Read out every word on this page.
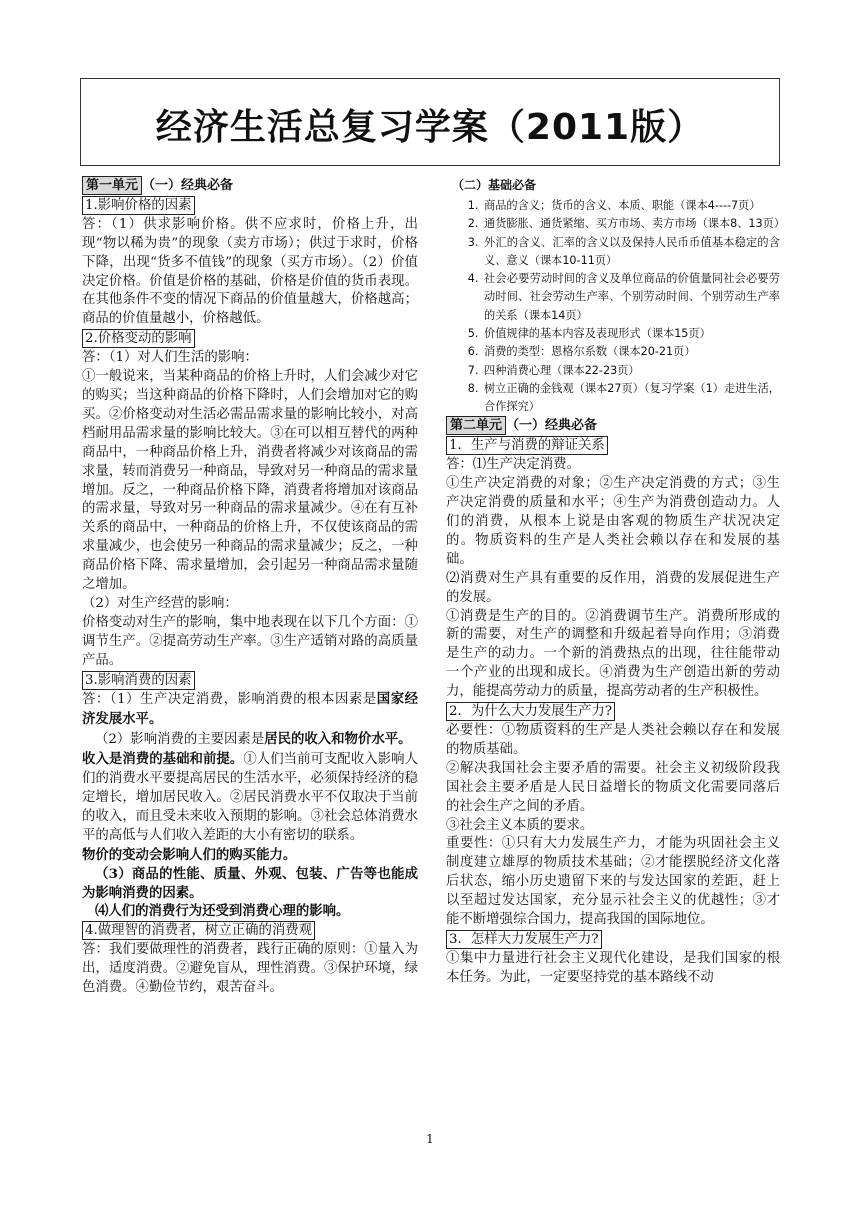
经济生活总复习学案（2011版）

第一单元 （一）经典必备

1.影响价格的因素

答：（1）供求影响价格。供不应求时，价格上升，出现“物以稀为贵”的现象（卖方市场）；供过于求时，价格下降，出现“货多不值钱”的现象（买方市场）。（2）价值决定价格。价值是价格的基础，价格是价值的货币表现。在其他条件不变的情况下商品的价值量越大，价格越高；商品的价值量越小，价格越低。

2.价格变动的影响

答：（1）对人们生活的影响：

①一般说来，当某种商品的价格上升时，人们会减少对它的购买；当这种商品的价格下降时，人们会增加对它的购买。②价格变动对生活必需品需求量的影响比较小，对高档耐用品需求量的影响比较大。③在可以相互替代的两种商品中，一种商品价格上升，消费者将减少对该商品的需求量，转而消费另一种商品，导致对另一种商品的需求量增加。反之，一种商品价格下降，消费者将增加对该商品的需求量，导致对另一种商品的需求量减少。④在有互补关系的商品中，一种商品的价格上升，不仅使该商品的需求量减少，也会使另一种商品的需求量减少；反之，一种商品价格下降、需求量增加，会引起另一种商品需求量随之增加。

（2）对生产经营的影响：

价格变动对生产的影响，集中地表现在以下几个方面：①调节生产。②提高劳动生产率。③生产适销对路的高质量产品。

3.影响消费的因素

答：（1）生产决定消费，影响消费的根本因素是国家经济发展水平。

（2）影响消费的主要因素是居民的收入和物价水平。

收入是消费的基础和前提。①人们当前可支配收入影响人们的消费水平要提高居民的生活水平，必须保持经济的稳定增长，增加居民收入。②居民消费水平不仅取决于当前的收入，而且受未来收入预期的影响。③社会总体消费水平的高低与人们收入差距的大小有密切的联系。

物价的变动会影响人们的购买能力。

（3）商品的性能、质量、外观、包装、广告等也能成为影响消费的因素。

⑷人们的消费行为还受到消费心理的影响。

4.做理智的消费者，树立正确的消费观

答：我们要做理性的消费者，践行正确的原则：①量入为出，适度消费。②避免盲从，理性消费。③保护环境，绿色消费。④勤俭节约，艰苦奋斗。

（二）基础必备

1. 商品的含义；货币的含义、本质、职能（课本4----7页）
2. 通货膨胀、通货紧缩、买方市场、卖方市场（课本8、13页）
3. 外汇的含义、汇率的含义以及保持人民币币值基本稳定的含义、意义（课本10-11页）
4. 社会必要劳动时间的含义及单位商品的价值量同社会必要劳动时间、社会劳动生产率、个别劳动时间、个别劳动生产率的关系（课本14页）
5. 价值规律的基本内容及表现形式（课本15页）
6. 消费的类型：恩格尔系数（课本20-21页）
7. 四种消费心理（课本22-23页）
8. 树立正确的金钱观（课本27页）（复习学案（1）走进生活，合作探究）

第二单元 （一）经典必备

1．生产与消费的辩证关系

答：⑴生产决定消费。

①生产决定消费的对象；②生产决定消费的方式；③生产决定消费的质量和水平；④生产为消费创造动力。人们的消费，从根本上说是由客观的物质生产状况决定的。物质资料的生产是人类社会赖以存在和发展的基础。

⑵消费对生产具有重要的反作用，消费的发展促进生产的发展。

①消费是生产的目的。②消费调节生产。消费所形成的新的需要，对生产的调整和升级起着导向作用；③消费是生产的动力。一个新的消费热点的出现，往往能带动一个产业的出现和成长。④消费为生产创造出新的劳动力，能提高劳动力的质量，提高劳动者的生产积极性。

2．为什么大力发展生产力?

必要性：①物质资料的生产是人类社会赖以存在和发展的物质基础。

②解决我国社会主要矛盾的需要。社会主义初级阶段我国社会主要矛盾是人民日益增长的物质文化需要同落后的社会生产之间的矛盾。

③社会主义本质的要求。

重要性：①只有大力发展生产力，才能为巩固社会主义制度建立雄厚的物质技术基础；②才能摆脱经济文化落后状态，缩小历史遗留下来的与发达国家的差距，赶上以至超过发达国家，充分显示社会主义的优越性；③才能不断增强综合国力，提高我国的国际地位。

3．怎样大力发展生产力?

①集中力量进行社会主义现代化建设，是我们国家的根本任务。为此，一定要坚持党的基本路线不动

1
